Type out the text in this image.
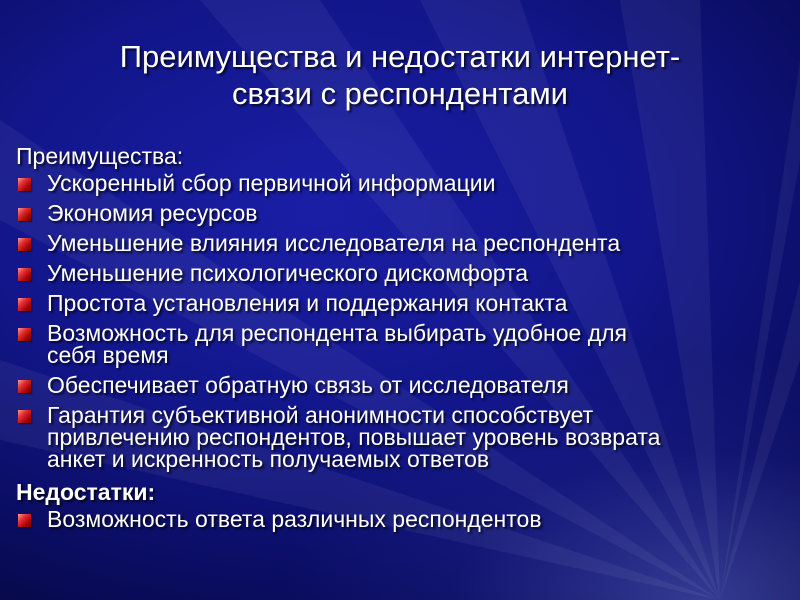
Преимущества и недостатки интернет-
связи с респондентами
Преимущества:
Ускоренный сбор первичной информации
Экономия ресурсов
Уменьшение влияния исследователя на респондента
Уменьшение психологического дискомфорта
Простота установления и поддержания контакта
Возможность для респондента выбирать удобное для
себя время
Обеспечивает обратную связь от исследователя
Гарантия субъективной анонимности способствует
привлечению респондентов, повышает уровень возврата
анкет и искренность получаемых ответов
Недостатки:
Возможность ответа различных респондентов
